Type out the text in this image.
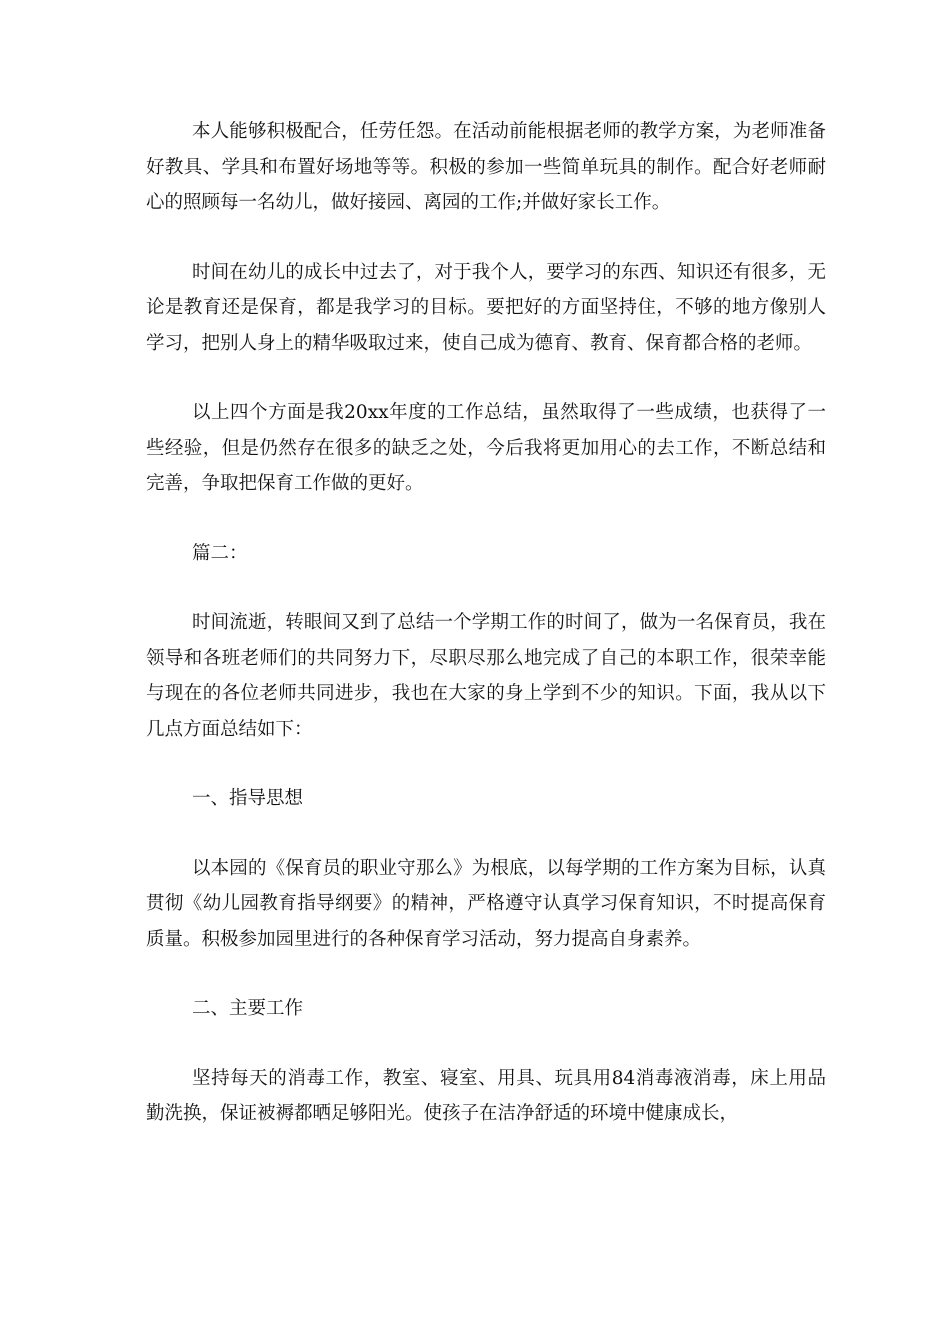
本人能够积极配合，任劳任怨。在活动前能根据老师的教学方案，为老师准备好教具、学具和布置好场地等等。积极的参加一些简单玩具的制作。配合好老师耐心的照顾每一名幼儿，做好接园、离园的工作;并做好家长工作。

时间在幼儿的成长中过去了，对于我个人，要学习的东西、知识还有很多，无论是教育还是保育，都是我学习的目标。要把好的方面坚持住，不够的地方像别人学习，把别人身上的精华吸取过来，使自己成为德育、教育、保育都合格的老师。

以上四个方面是我20xx年度的工作总结，虽然取得了一些成绩，也获得了一些经验，但是仍然存在很多的缺乏之处，今后我将更加用心的去工作，不断总结和完善，争取把保育工作做的更好。

篇二：

时间流逝，转眼间又到了总结一个学期工作的时间了，做为一名保育员，我在领导和各班老师们的共同努力下，尽职尽那么地完成了自己的本职工作，很荣幸能与现在的各位老师共同进步，我也在大家的身上学到不少的知识。下面，我从以下几点方面总结如下：

一、指导思想

以本园的《保育员的职业守那么》为根底，以每学期的工作方案为目标，认真贯彻《幼儿园教育指导纲要》的精神，严格遵守认真学习保育知识，不时提高保育质量。积极参加园里进行的各种保育学习活动，努力提高自身素养。

二、主要工作

坚持每天的消毒工作，教室、寝室、用具、玩具用84消毒液消毒，床上用品勤洗换，保证被褥都晒足够阳光。使孩子在洁净舒适的环境中健康成长，
